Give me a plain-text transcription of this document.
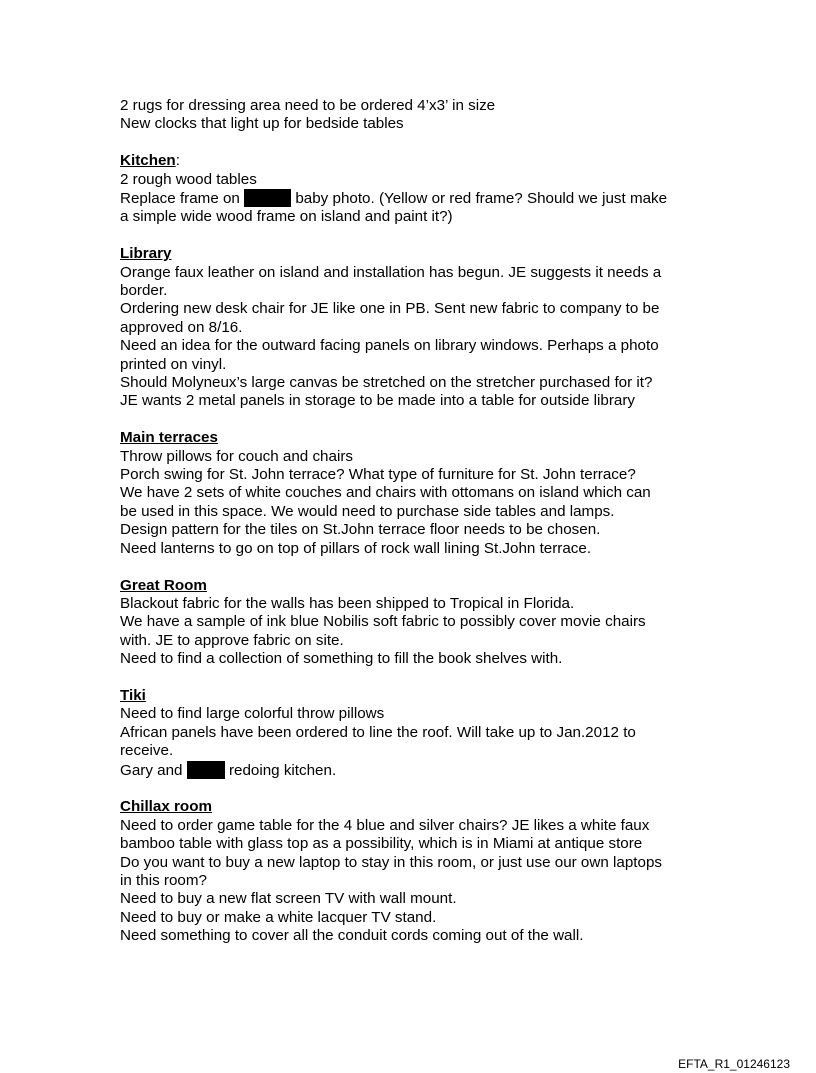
2 rugs for dressing area need to be ordered 4’x3’ in size

New clocks that light up for bedside tables

Kitchen:

2 rough wood tables

Replace frame on	baby photo. (Yellow or red frame? Should we just make

a simple wide wood frame on island and paint it?)

Library

Orange faux leather on island and installation has begun. JE suggests it needs a

border.

Ordering new desk chair for JE like one in PB. Sent new fabric to company to be

approved on 8/16.

Need an idea for the outward facing panels on library windows. Perhaps a photo

printed on vinyl.

Should Molyneux’s large canvas be stretched on the stretcher purchased for it?

JE wants 2 metal panels in storage to be made into a table for outside library

Main terraces

Throw pillows for couch and chairs

Porch swing for St. John terrace? What type of furniture for St. John terrace?

We have 2 sets of white couches and chairs with ottomans on island which can

be used in this space. We would need to purchase side tables and lamps.

Design pattern for the tiles on St.John terrace floor needs to be chosen.

Need lanterns to go on top of pillars of rock wall lining St.John terrace.

Great Room

Blackout fabric for the walls has been shipped to Tropical in Florida.

We have a sample of ink blue Nobilis soft fabric to possibly cover movie chairs

with. JE to approve fabric on site.

Need to find a collection of something to fill the book shelves with.

Tiki

Need to find large colorful throw pillows

African panels have been ordered to line the roof. Will take up to Jan.2012 to

receive.

Gary and	redoing kitchen.

Chillax room

Need to order game table for the 4 blue and silver chairs? JE likes a white faux

bamboo table with glass top as a possibility, which is in Miami at antique store

Do you want to buy a new laptop to stay in this room, or just use our own laptops

in this room?

Need to buy a new flat screen TV with wall mount.

Need to buy or make a white lacquer TV stand.

Need something to cover all the conduit cords coming out of the wall.

EFTA_R1_01246123
